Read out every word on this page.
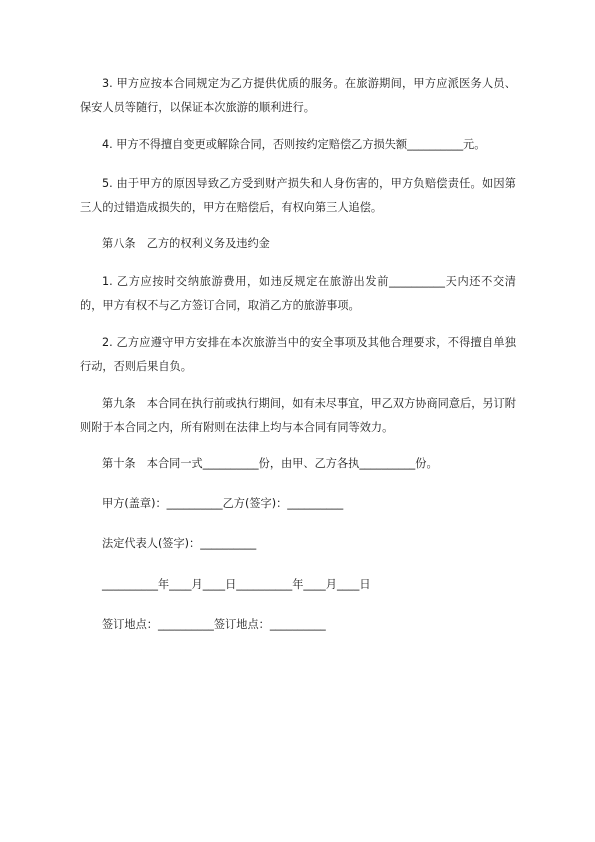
3. 甲方应按本合同规定为乙方提供优质的服务。在旅游期间，甲方应派医务人员、保安人员等随行，以保证本次旅游的顺利进行。

4. 甲方不得擅自变更或解除合同，否则按约定赔偿乙方损失额__________元。

5. 由于甲方的原因导致乙方受到财产损失和人身伤害的，甲方负赔偿责任。如因第三人的过错造成损失的，甲方在赔偿后，有权向第三人追偿。

第八条　乙方的权利义务及违约金

1. 乙方应按时交纳旅游费用，如违反规定在旅游出发前__________天内还不交清的，甲方有权不与乙方签订合同，取消乙方的旅游事项。

2. 乙方应遵守甲方安排在本次旅游当中的安全事项及其他合理要求，不得擅自单独行动，否则后果自负。

第九条　本合同在执行前或执行期间，如有未尽事宜，甲乙双方协商同意后，另订附则附于本合同之内，所有附则在法律上均与本合同有同等效力。

第十条　本合同一式__________份，由甲、乙方各执__________份。

甲方(盖章)：__________乙方(签字)：__________

法定代表人(签字)：__________

__________年____月____日__________年____月____日

签订地点：__________签订地点：__________
